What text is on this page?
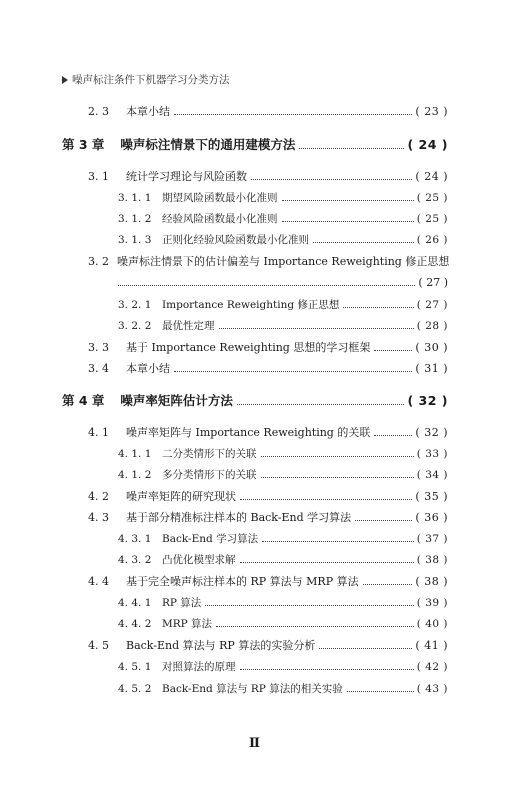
噪声标注条件下机器学习分类方法
2. 3	本章小结	( 23 )
第 3 章 噪声标注情景下的通用建模方法	( 24 )
3. 1	统计学习理论与风险函数	( 24 )
3. 1. 1 期望风险函数最小化准则	( 25 )
3. 1. 2 经验风险函数最小化准则	( 25 )
3. 1. 3 正则化经验风险函数最小化准则	( 26 )
3. 2 噪声标注情景下的估计偏差与 Importance Reweighting 修正思想
( 27 )
3. 2. 1 Importance Reweighting 修正思想	( 27 )
3. 2. 2 最优性定理	( 28 )
3. 3	基于 Importance Reweighting 思想的学习框架	( 30 )
3. 4	本章小结	( 31 )
第 4 章 噪声率矩阵估计方法	( 32 )
4. 1	噪声率矩阵与 Importance Reweighting 的关联	( 32 )
4. 1. 1 二分类情形下的关联	( 33 )
4. 1. 2 多分类情形下的关联	( 34 )
4. 2	噪声率矩阵的研究现状	( 35 )
4. 3	基于部分精准标注样本的 Back-End 学习算法	( 36 )
4. 3. 1 Back-End 学习算法	( 37 )
4. 3. 2 凸优化模型求解	( 38 )
4. 4	基于完全噪声标注样本的 RP 算法与 MRP 算法	( 38 )
4. 4. 1 RP 算法	( 39 )
4. 4. 2 MRP 算法	( 40 )
4. 5	Back-End 算法与 RP 算法的实验分析	( 41 )
4. 5. 1 对照算法的原理	( 42 )
4. 5. 2 Back-End 算法与 RP 算法的相关实验	( 43 )
Ⅱ
